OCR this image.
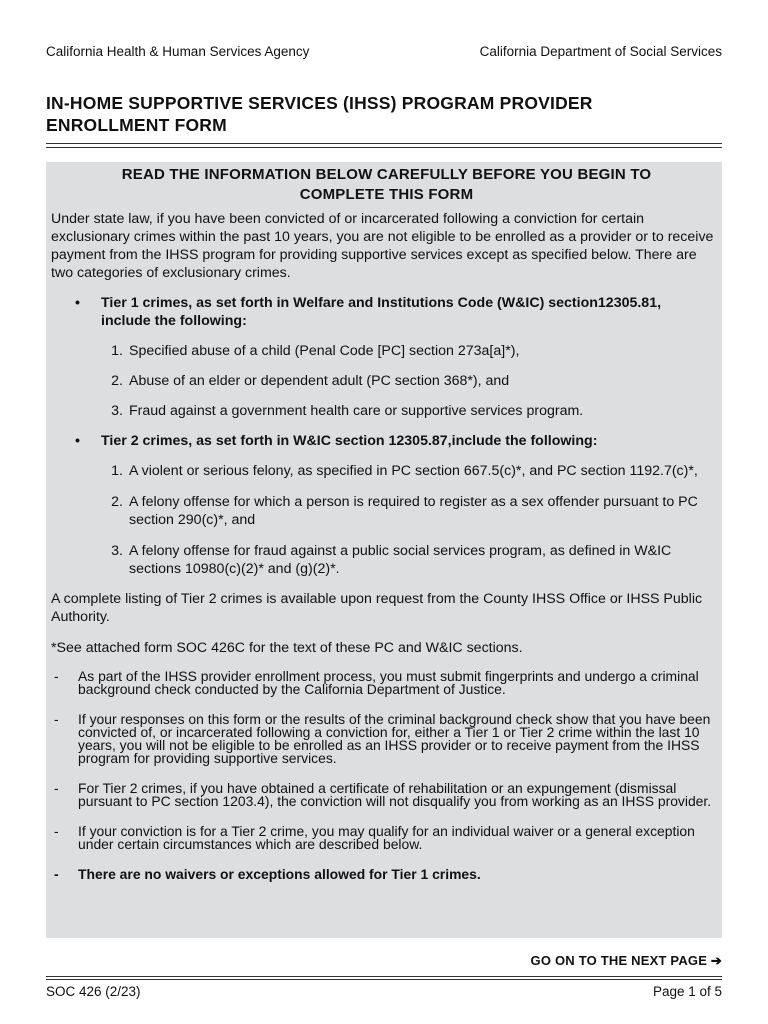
California Health & Human Services Agency	California Department of Social Services
IN-HOME SUPPORTIVE SERVICES (IHSS) PROGRAM PROVIDER
ENROLLMENT FORM
READ THE INFORMATION BELOW CAREFULLY BEFORE YOU BEGIN TO
COMPLETE THIS FORM

Under state law, if you have been convicted of or incarcerated following a conviction for certain exclusionary crimes within the past 10 years, you are not eligible to be enrolled as a provider or to receive payment from the IHSS program for providing supportive services except as specified below. There are two categories of exclusionary crimes.

•	Tier 1 crimes, as set forth in Welfare and Institutions Code (W&IC) section12305.81, include the following:
1. Specified abuse of a child (Penal Code [PC] section 273a[a]*),
2. Abuse of an elder or dependent adult (PC section 368*), and
3. Fraud against a government health care or supportive services program.
•	Tier 2 crimes, as set forth in W&IC section 12305.87,include the following:
1. A violent or serious felony, as specified in PC section 667.5(c)*, and PC section 1192.7(c)*,
2. A felony offense for which a person is required to register as a sex offender pursuant to PC section 290(c)*, and
3. A felony offense for fraud against a public social services program, as defined in W&IC sections 10980(c)(2)* and (g)(2)*.

A complete listing of Tier 2 crimes is available upon request from the County IHSS Office or IHSS Public Authority.

*See attached form SOC 426C for the text of these PC and W&IC sections.

-	As part of the IHSS provider enrollment process, you must submit fingerprints and undergo a criminal background check conducted by the California Department of Justice.
-	If your responses on this form or the results of the criminal background check show that you have been convicted of, or incarcerated following a conviction for, either a Tier 1 or Tier 2 crime within the last 10 years, you will not be eligible to be enrolled as an IHSS provider or to receive payment from the IHSS program for providing supportive services.
-	For Tier 2 crimes, if you have obtained a certificate of rehabilitation or an expungement (dismissal pursuant to PC section 1203.4), the conviction will not disqualify you from working as an IHSS provider.
-	If your conviction is for a Tier 2 crime, you may qualify for an individual waiver or a general exception under certain circumstances which are described below.
-	There are no waivers or exceptions allowed for Tier 1 crimes.
GO ON TO THE NEXT PAGE ➔
SOC 426 (2/23)	Page 1 of 5
